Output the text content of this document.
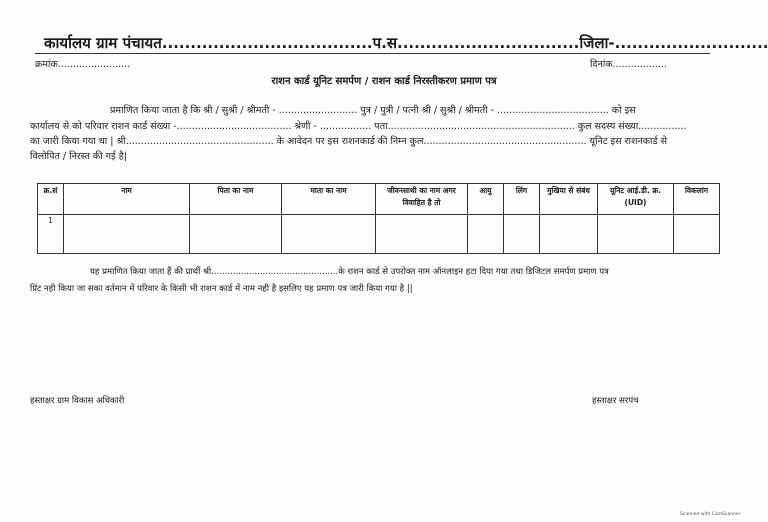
कार्यालय ग्राम पंचायत.....................................प.स................................जिला-...........................
क्रमांक........................	दिनांक..................
राशन कार्ड यूनिट समर्पण / राशन कार्ड निरस्तीकरण प्रमाण पत्र
प्रमाणित किया जाता है कि श्री / सुश्री / श्रीमती - .......................... पुत्र / पुत्री / पत्नी श्री / सुश्री / श्रीमती - ..................................... को इस
कार्यालय से को परिवार राशन कार्ड संख्या -...................................... श्रेणी - ................. पता.............................................................. कुल सदस्य संख्या................
का जारी किया गया था | श्री................................................. के आवेदन पर इस राशनकार्ड की निम्न कुल...................................................... यूनिट इस राशनकार्ड से
विलोपित / निरस्त की गई है|
क्र.सं	नाम	पिता का नाम	माता का नाम	जीवनसाथी का नाम अगर विवाहित है तो	आयु	लिंग	मुखिया से संबंध	यूनिट आई.डी. क्र.(UID)	विकलांग
1									
यह प्रमाणित किया जाता हैं की प्रार्थी श्री...............................................के राशन कार्ड से उपरोक्त नाम ऑनलाइन हटा दिया गया तथा डिजिटल समर्पण प्रमाण पत्र
प्रिंट नही किया जा सका वर्तमान में परिवार के किसी भी राशन कार्ड में नाम नही है इसलिए यह प्रमाण पत्र जारी किया गया है ||
हस्ताक्षर ग्राम विकास अधिकारी	हस्ताक्षर सरपंच
Scanned with CamScanner
